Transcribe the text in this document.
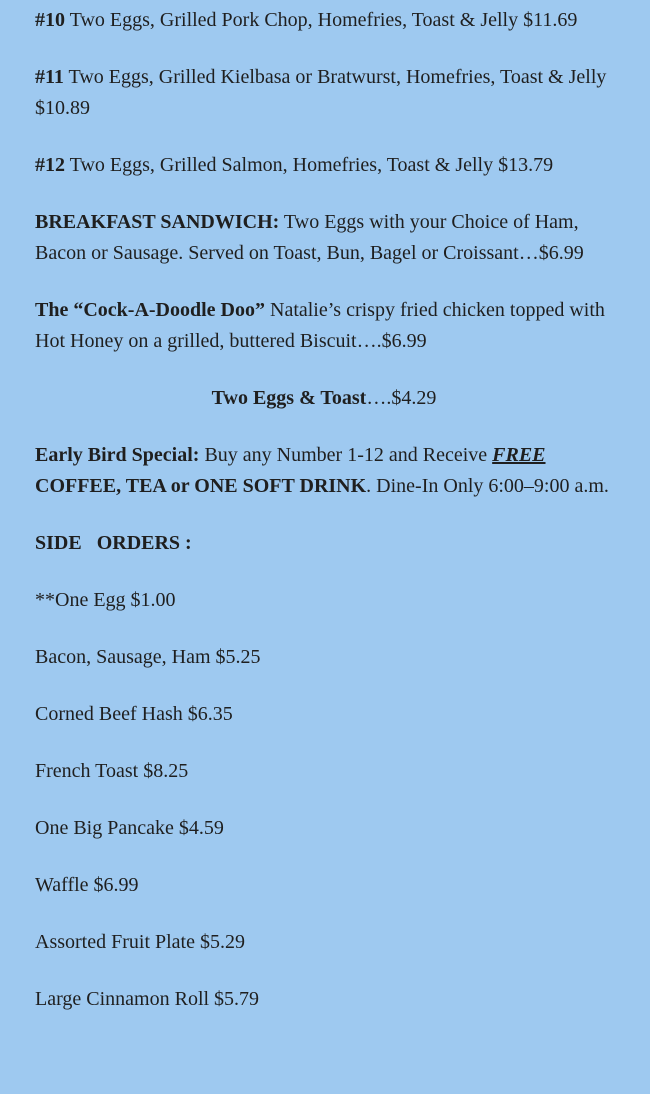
#10 Two Eggs, Grilled Pork Chop, Homefries, Toast & Jelly $11.69

#11 Two Eggs, Grilled Kielbasa or Bratwurst, Homefries, Toast & Jelly $10.89

#12 Two Eggs, Grilled Salmon, Homefries, Toast & Jelly $13.79

BREAKFAST SANDWICH: Two Eggs with your Choice of Ham, Bacon or Sausage. Served on Toast, Bun, Bagel or Croissant…$6.99

The “Cock-A-Doodle Doo” Natalie’s crispy fried chicken topped with Hot Honey on a grilled, buttered Biscuit….$6.99

Two Eggs & Toast….$4.29

Early Bird Special: Buy any Number 1-12 and Receive FREE
COFFEE, TEA or ONE SOFT DRINK. Dine-In Only 6:00–9:00 a.m.

SIDE   ORDERS :

**One Egg $1.00

Bacon, Sausage, Ham $5.25

Corned Beef Hash $6.35

French Toast $8.25

One Big Pancake $4.59

Waffle $6.99

Assorted Fruit Plate $5.29

Large Cinnamon Roll $5.79
